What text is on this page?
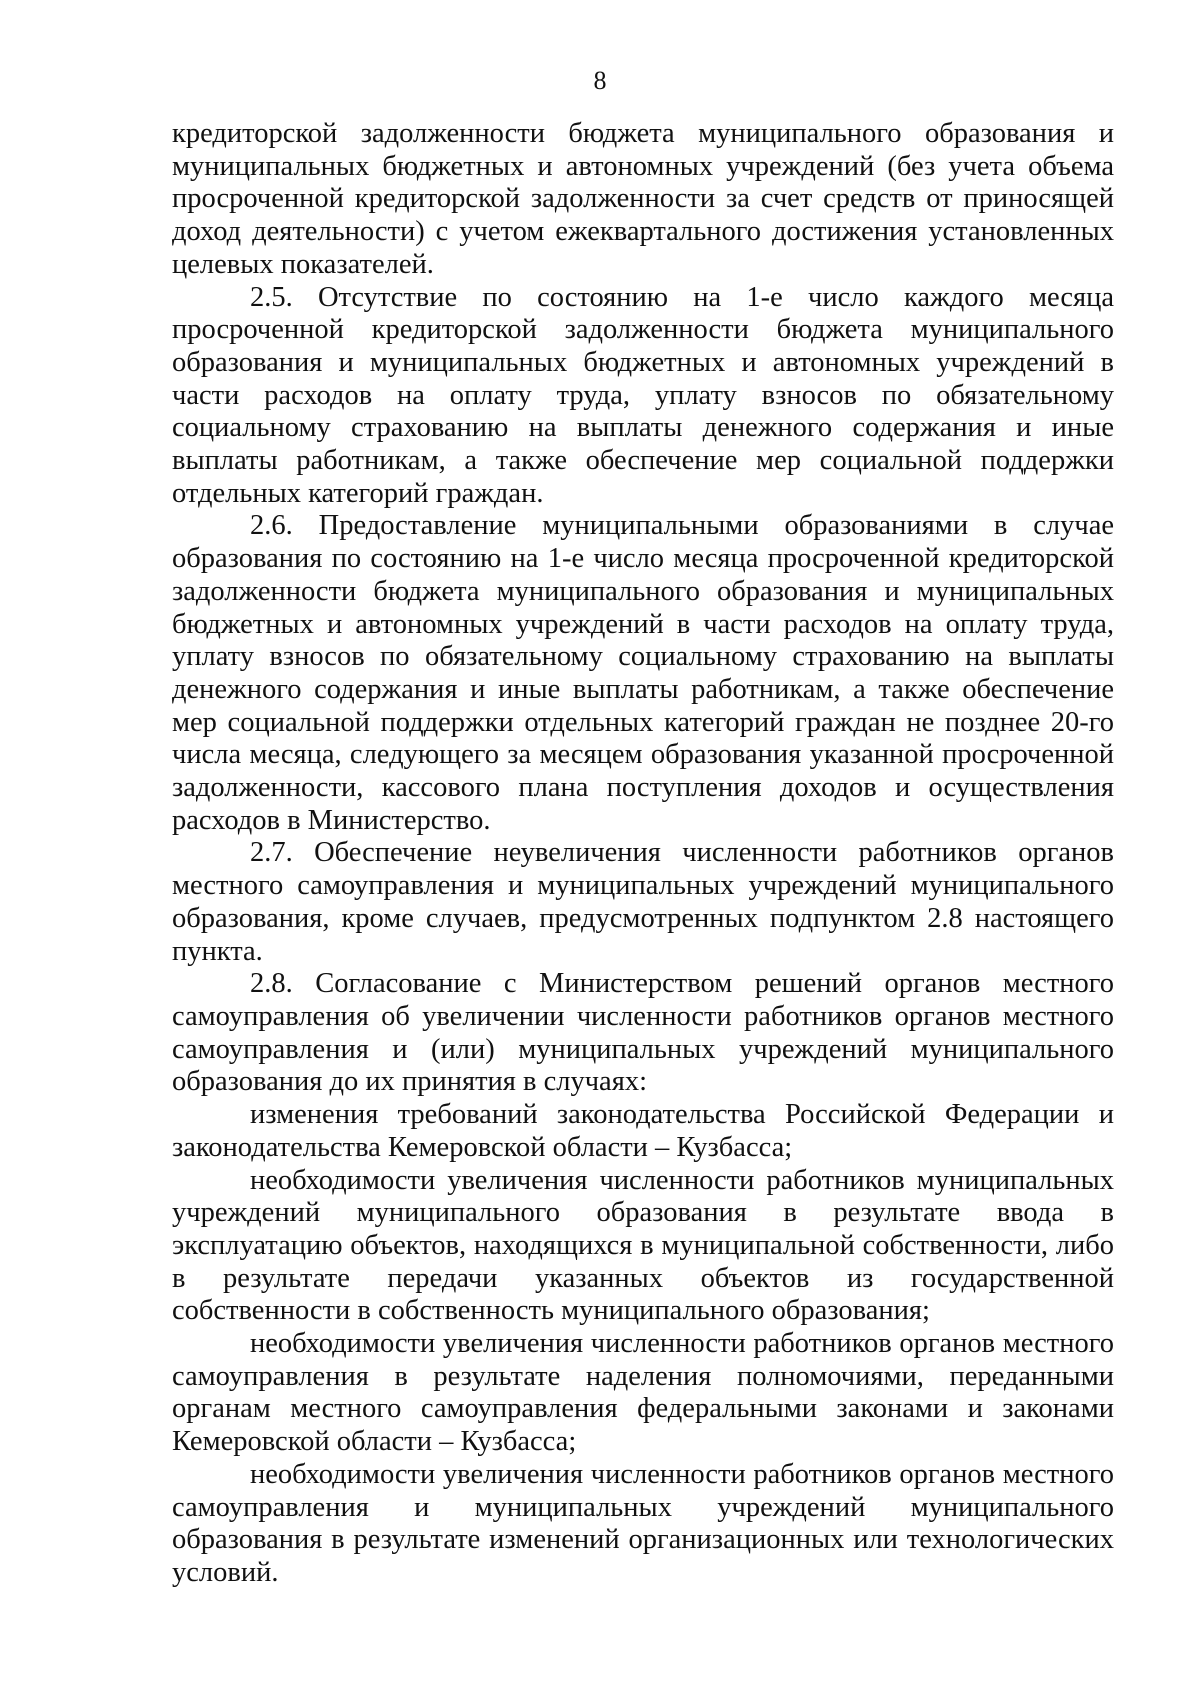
8

кредиторской задолженности бюджета муниципального образования и муниципальных бюджетных и автономных учреждений (без учета объема просроченной кредиторской задолженности за счет средств от приносящей доход деятельности) с учетом ежеквартального достижения установленных целевых показателей.

2.5. Отсутствие по состоянию на 1-е число каждого месяца просроченной кредиторской задолженности бюджета муниципального образования и муниципальных бюджетных и автономных учреждений в части расходов на оплату труда, уплату взносов по обязательному социальному страхованию на выплаты денежного содержания и иные выплаты работникам, а также обеспечение мер социальной поддержки отдельных категорий граждан.

2.6. Предоставление муниципальными образованиями в случае образования по состоянию на 1-е число месяца просроченной кредиторской задолженности бюджета муниципального образования и муниципальных бюджетных и автономных учреждений в части расходов на оплату труда, уплату взносов по обязательному социальному страхованию на выплаты денежного содержания и иные выплаты работникам, а также обеспечение мер социальной поддержки отдельных категорий граждан не позднее 20-го числа месяца, следующего за месяцем образования указанной просроченной задолженности, кассового плана поступления доходов и осуществления расходов в Министерство.

2.7. Обеспечение неувеличения численности работников органов местного самоуправления и муниципальных учреждений муниципального образования, кроме случаев, предусмотренных подпунктом 2.8 настоящего пункта.

2.8. Согласование с Министерством решений органов местного самоуправления об увеличении численности работников органов местного самоуправления и (или) муниципальных учреждений муниципального образования до их принятия в случаях:

изменения требований законодательства Российской Федерации и законодательства Кемеровской области – Кузбасса;

необходимости увеличения численности работников муниципальных учреждений муниципального образования в результате ввода в эксплуатацию объектов, находящихся в муниципальной собственности, либо в результате передачи указанных объектов из государственной собственности в собственность муниципального образования;

необходимости увеличения численности работников органов местного самоуправления в результате наделения полномочиями, переданными органам местного самоуправления федеральными законами и законами Кемеровской области – Кузбасса;

необходимости увеличения численности работников органов местного самоуправления и муниципальных учреждений муниципального образования в результате изменений организационных или технологических условий.
